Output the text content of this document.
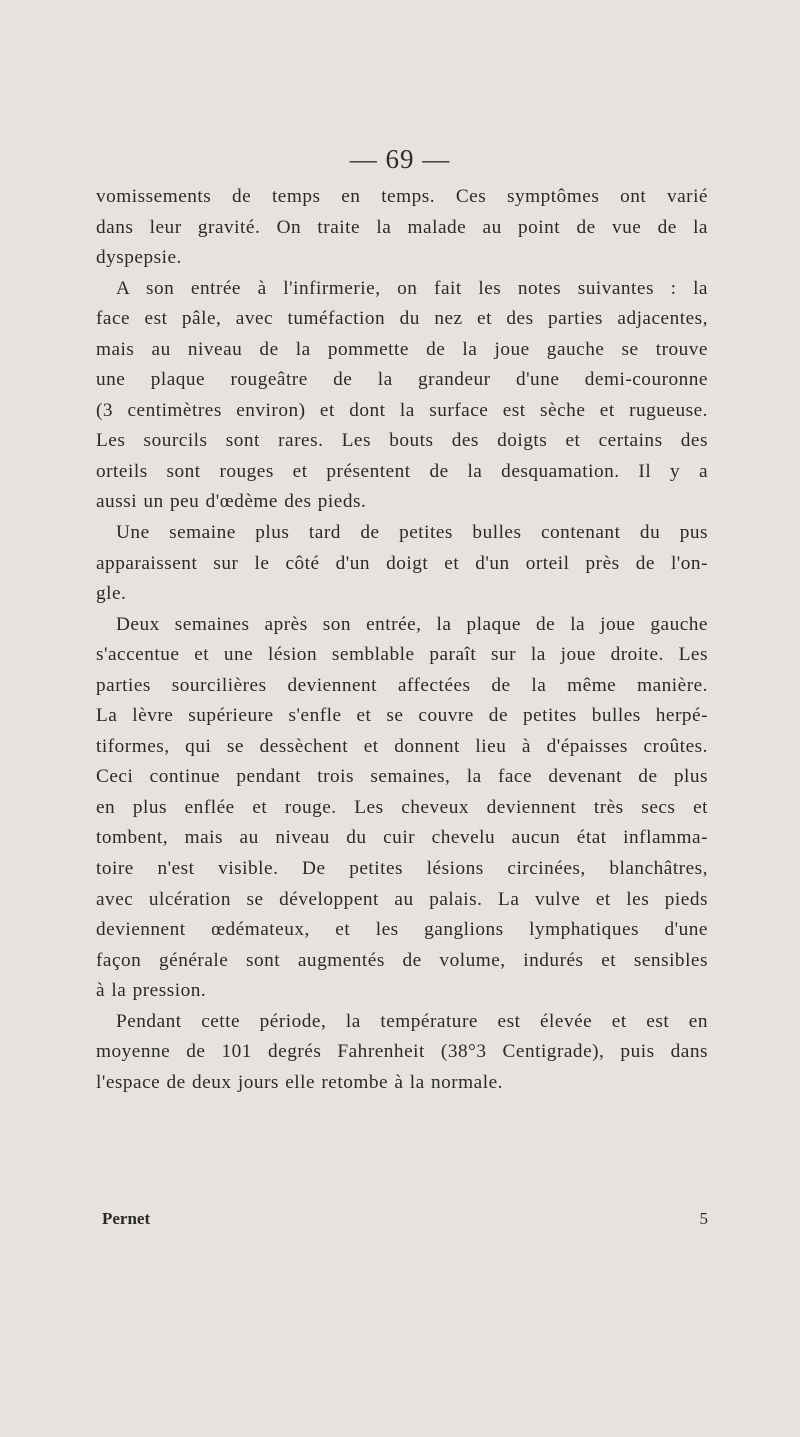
— 69 —
vomissements de temps en temps. Ces symptômes ont varié
dans leur gravité. On traite la malade au point de vue de la
dyspepsie.
A son entrée à l'infirmerie, on fait les notes suivantes : la
face est pâle, avec tuméfaction du nez et des parties adjacentes,
mais au niveau de la pommette de la joue gauche se trouve
une plaque rougeâtre de la grandeur d'une demi-couronne
(3 centimètres environ) et dont la surface est sèche et rugueuse.
Les sourcils sont rares. Les bouts des doigts et certains des
orteils sont rouges et présentent de la desquamation. Il y a
aussi un peu d'œdème des pieds.
Une semaine plus tard de petites bulles contenant du pus
apparaissent sur le côté d'un doigt et d'un orteil près de l'on-
gle.
Deux semaines après son entrée, la plaque de la joue gauche
s'accentue et une lésion semblable paraît sur la joue droite. Les
parties sourcilières deviennent affectées de la même manière.
La lèvre supérieure s'enfle et se couvre de petites bulles herpé-
tiformes, qui se dessèchent et donnent lieu à d'épaisses croûtes.
Ceci continue pendant trois semaines, la face devenant de plus
en plus enflée et rouge. Les cheveux deviennent très secs et
tombent, mais au niveau du cuir chevelu aucun état inflamma-
toire n'est visible. De petites lésions circinées, blanchâtres,
avec ulcération se développent au palais. La vulve et les pieds
deviennent œdémateux, et les ganglions lymphatiques d'une
façon générale sont augmentés de volume, indurés et sensibles
à la pression.
Pendant cette période, la température est élevée et est en
moyenne de 101 degrés Fahrenheit (38°3 Centigrade), puis dans
l'espace de deux jours elle retombe à la normale.
Pernet	5
